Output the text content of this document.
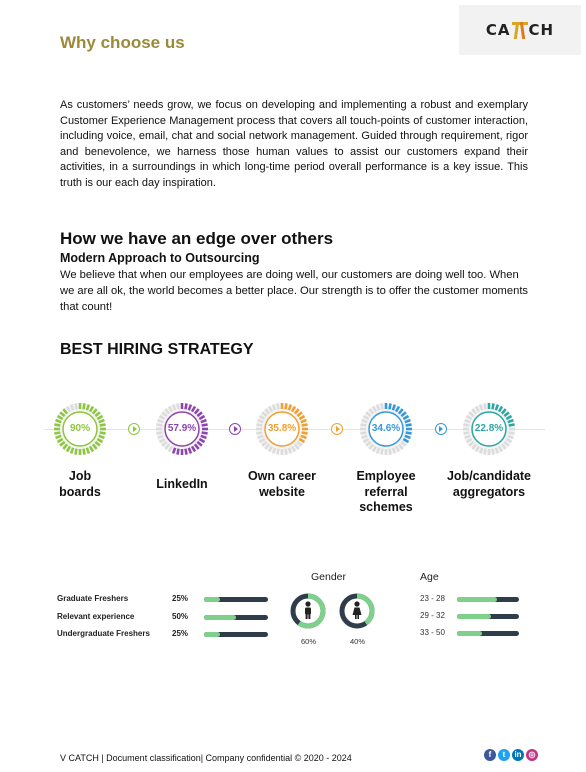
CA CH
Why choose us

As customers’ needs grow, we focus on developing and implementing a robust and exemplary Customer Experience Management process that covers all touch-points of customer interaction, including voice, email, chat and social network management. Guided through requirement, rigor and benevolence, we harness those human values to assist our customers expand their activities, in a surroundings in which long-time period overall performance is a key issue. This truth is our each day inspiration.

How we have an edge over others
Modern Approach to Outsourcing

We believe that when our employees are doing well, our customers are doing well too. When we are all ok, the world becomes a better place. Our strength is to offer the customer moments that count!

BEST HIRING STRATEGY
90%
Job
boards
57.9%
LinkedIn
35.8%
Own career
website
34.6%
Employee
referral
schemes
22.8%
Job/candidate
aggregators
Graduate Freshers	25%
Relevant experience	50%
Undergraduate Freshers	25%
Gender
60%	40%
Age
23 - 28
29 - 32
33 - 50
V CATCH | Document classification| Company confidential © 2020 - 2024	f	t	in ◎
